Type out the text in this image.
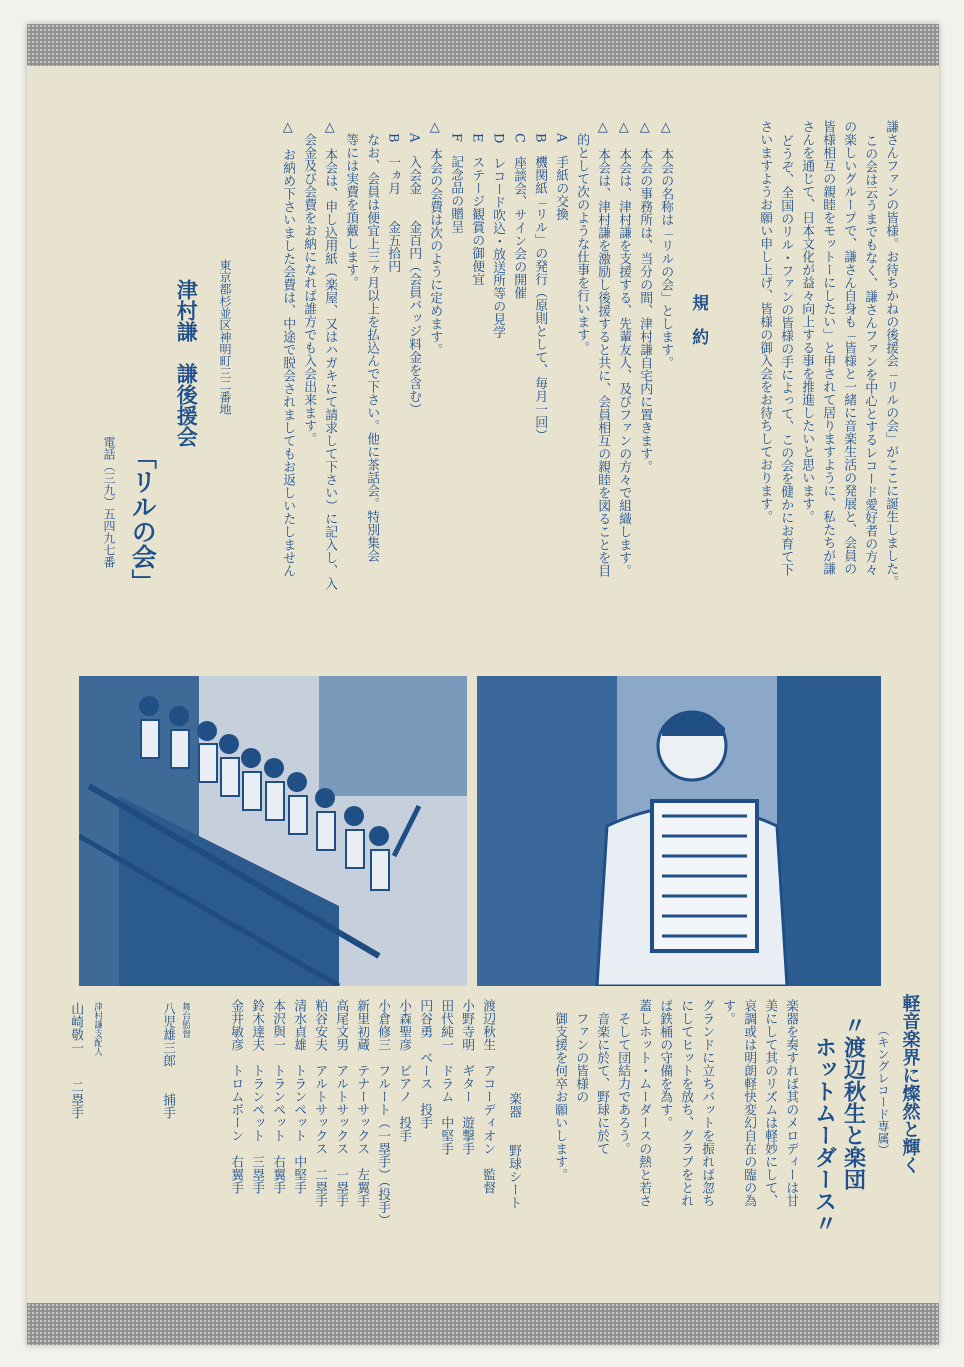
謙さんファンの皆様。お待ちかねの後援会「リルの会」がここに誕生しました。
この会は云うまでもなく、謙さんファンを中心とするレコード愛好者の方々
の楽しいグループで、謙さん自身も「皆様と一緒に音楽生活の発展と、会員の
皆様相互の親睦をモットーにしたい」と申されて居りますように、私たちが謙
さんを通じて、日本文化が益々向上する事を推進したいと思います。
どうぞ、全国のリル・ファンの皆様の手によって、この会を健かにお育て下
さいますようお願い申し上げ、皆様の御入会をお待ちしております。
規　約
△　本会の名称は「リルの会」とします。
△　本会の事務所は、当分の間、津村謙自宅内に置きます。
△　本会は、津村謙を支援する、先輩友人、及びファンの方々で組織します。
△　本会は、津村謙を激励し後援すると共に、会員相互の親睦を図ることを目
　的として次のような仕事を行います。
　A　手紙の交換
　B　機関紙「リル」の発行（原則として、毎月一回）
　C　座談会、サイン会の開催
　D　レコード吹込・放送所等の見学
　E　ステージ観賞の御便宜
　F　記念品の贈呈
△　本会の会費は次のように定めます。
　A　入会金　　金百円（会員バッジ料金を含む）
　B　一ヵ月　　金五拾円
　なお、会員は便宜上三ヶ月以上を払込んで下さい。他に茶話会。特別集会
　等には実費を頂戴します。
△　本会は、申し込用紙（楽屋、又はハガキにて請求して下さい）に記入し、入
　会金及び会費をお納になれば誰方でも入会出来ます。
△　お納め下さいました会費は、中途で脱会されましてもお返しいたしません
東京都杉並区神明町三二番地
津村謙　謙後援会
「リルの会」
電話（三九）五四九七番
軽音楽界に燦然と輝く
（キングレコード専属）
〃渡辺秋生と楽団
ホットムーダース〃
楽器を奏すれば其のメロディーは甘
美にして其のリズムは軽妙にして、
哀調或は明朗軽快変幻自在の臨の為
す。
グランドに立ちバットを振れば忽ち
にしてヒットを放ち、グラブをとれ
ば鉄桶の守備を為す。
蓋しホット・ムーダースの熱と若さ
そして団結力であろう。
音楽に於て、野球に於て
ファンの皆様の
御支援を何卒お願いします。
楽器　　野球シート
渡辺秋生　アコーディオン　監督
小野寺明　ギター　遊撃手
田代純一　ドラム　中堅手
円谷勇　ベース　投手
小森聖彦　ピアノ　投手
小倉修三　フルート（一塁手）（投手）
新里初蔵　テナーサックス　左翼手
高尾文男　アルトサックス　一塁手
粕谷安夫　アルトサックス　二塁手
清水貞雄　トランペット　中堅手
本沢與一　トランペット　右翼手
鈴木達夫　トランペット　三塁手
金井敏彦　トロムボーン　右翼手
舞台監督
八児雄三郎　　捕手
津村謙支配人
山崎敬一　　二塁手
